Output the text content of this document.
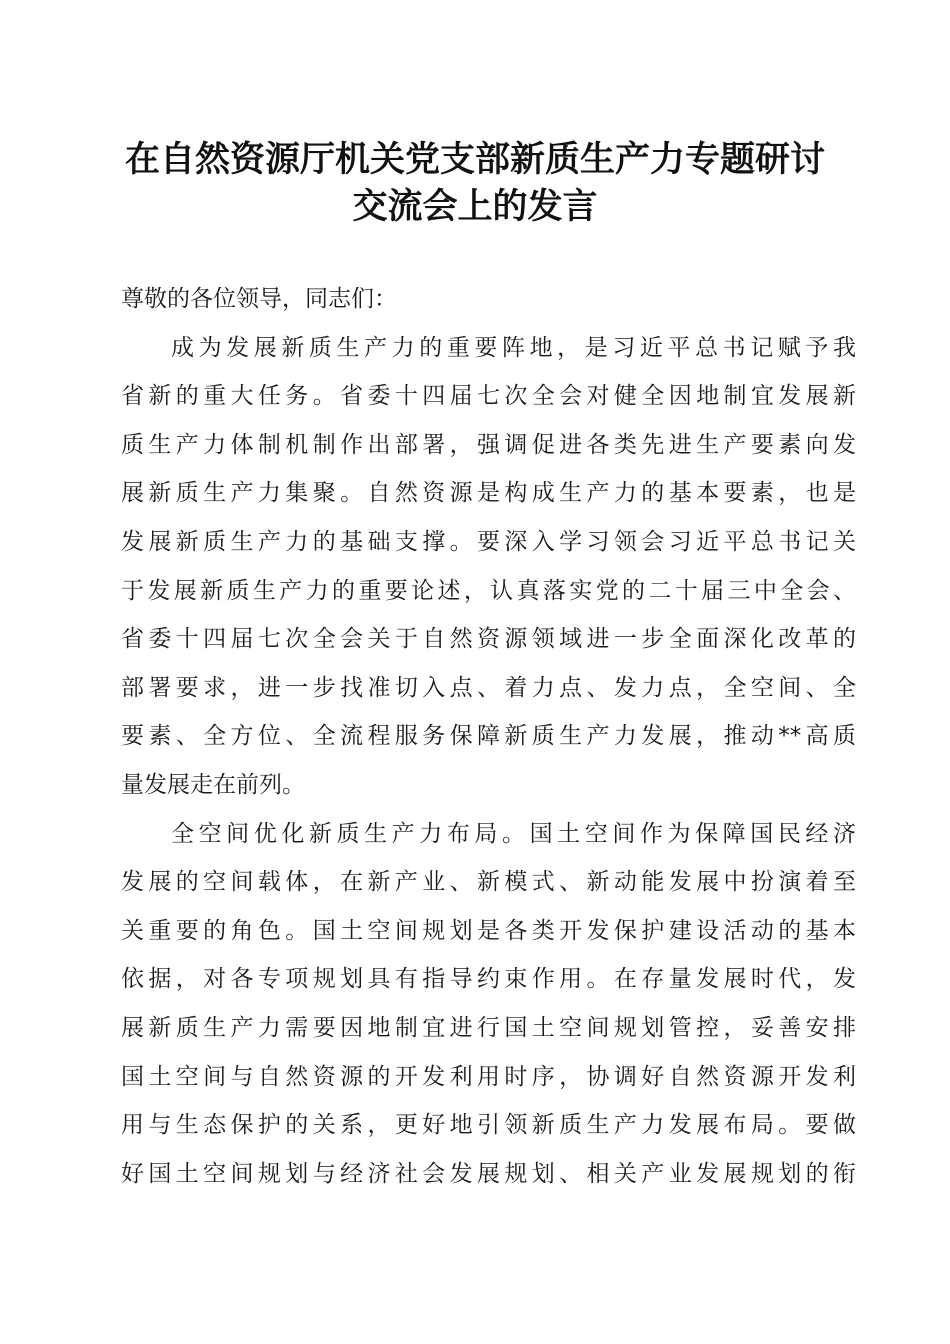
在自然资源厅机关党支部新质生产力专题研讨
交流会上的发言
尊敬的各位领导，同志们：
成为发展新质生产力的重要阵地，是习近平总书记赋予我
省新的重大任务。省委十四届七次全会对健全因地制宜发展新
质生产力体制机制作出部署，强调促进各类先进生产要素向发
展新质生产力集聚。自然资源是构成生产力的基本要素，也是
发展新质生产力的基础支撑。要深入学习领会习近平总书记关
于发展新质生产力的重要论述，认真落实党的二十届三中全会、
省委十四届七次全会关于自然资源领域进一步全面深化改革的
部署要求，进一步找准切入点、着力点、发力点，全空间、全
要素、全方位、全流程服务保障新质生产力发展，推动**高质
量发展走在前列。
全空间优化新质生产力布局。国土空间作为保障国民经济
发展的空间载体，在新产业、新模式、新动能发展中扮演着至
关重要的角色。国土空间规划是各类开发保护建设活动的基本
依据，对各专项规划具有指导约束作用。在存量发展时代，发
展新质生产力需要因地制宜进行国土空间规划管控，妥善安排
国土空间与自然资源的开发利用时序，协调好自然资源开发利
用与生态保护的关系，更好地引领新质生产力发展布局。要做
好国土空间规划与经济社会发展规划、相关产业发展规划的衔
